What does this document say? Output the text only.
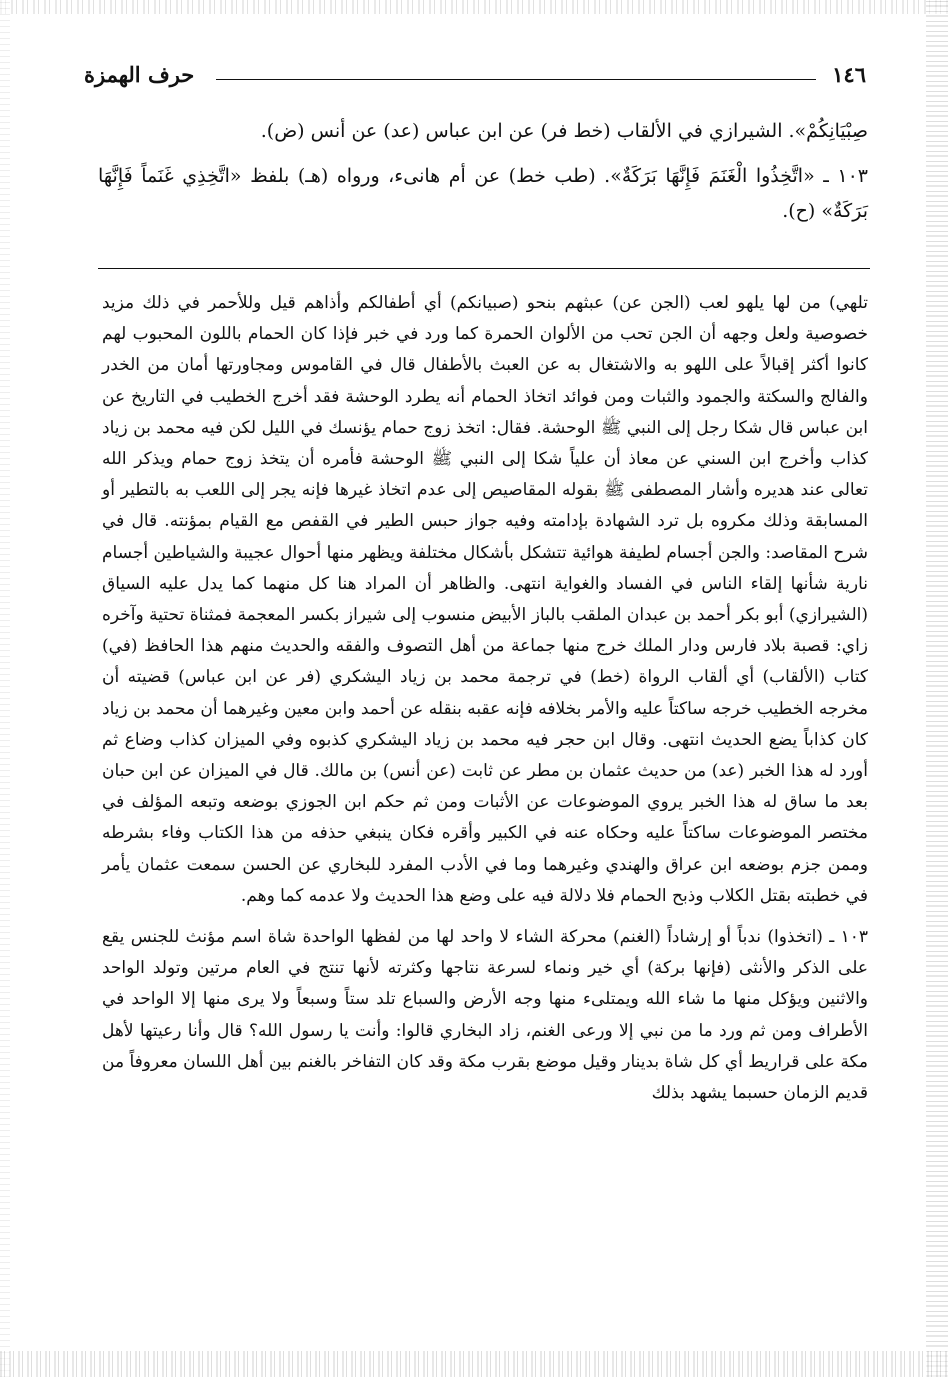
١٤٦
حرف الهمزة

صِبْيَانِكُمْ». الشيرازي في الألقاب (خط فر) عن ابن عباس (عد) عن أنس (ض).

١٠٣ ـ «اتَّخِذُوا الْغَنَمَ فَإِنَّهَا بَرَكَةٌ». (طب خط) عن أم هانىء، ورواه (هـ) بلفظ «اتَّخِذِي غَنَماً فَإِنَّهَا بَرَكَةٌ» (ح).

تلهي) من لها يلهو لعب (الجن عن) عبثهم بنحو (صبيانكم) أي أطفالكم وأذاهم قيل وللأحمر في ذلك مزيد خصوصية ولعل وجهه أن الجن تحب من الألوان الحمرة كما ورد في خبر فإذا كان الحمام باللون المحبوب لهم كانوا أكثر إقبالاً على اللهو به والاشتغال به عن العبث بالأطفال قال في القاموس ومجاورتها أمان من الخدر والفالج والسكتة والجمود والثبات ومن فوائد اتخاذ الحمام أنه يطرد الوحشة فقد أخرج الخطيب في التاريخ عن ابن عباس قال شكا رجل إلى النبي ﷺ الوحشة. فقال: اتخذ زوج حمام يؤنسك في الليل لكن فيه محمد بن زياد كذاب وأخرج ابن السني عن معاذ أن علياً شكا إلى النبي ﷺ الوحشة فأمره أن يتخذ زوج حمام ويذكر الله تعالى عند هديره وأشار المصطفى ﷺ بقوله المقاصيص إلى عدم اتخاذ غيرها فإنه يجر إلى اللعب به بالتطير أو المسابقة وذلك مكروه بل ترد الشهادة بإدامته وفيه جواز حبس الطير في القفص مع القيام بمؤنته. قال في شرح المقاصد: والجن أجسام لطيفة هوائية تتشكل بأشكال مختلفة ويظهر منها أحوال عجيبة والشياطين أجسام نارية شأنها إلقاء الناس في الفساد والغواية انتهى. والظاهر أن المراد هنا كل منهما كما يدل عليه السياق (الشيرازي) أبو بكر أحمد بن عبدان الملقب بالباز الأبيض منسوب إلى شيراز بكسر المعجمة فمثناة تحتية وآخره زاي: قصبة بلاد فارس ودار الملك خرج منها جماعة من أهل التصوف والفقه والحديث منهم هذا الحافظ (في) كتاب (الألقاب) أي ألقاب الرواة (خط) في ترجمة محمد بن زياد اليشكري (فر عن ابن عباس) قضيته أن مخرجه الخطيب خرجه ساكتاً عليه والأمر بخلافه فإنه عقبه بنقله عن أحمد وابن معين وغيرهما أن محمد بن زياد كان كذاباً يضع الحديث انتهى. وقال ابن حجر فيه محمد بن زياد اليشكري كذبوه وفي الميزان كذاب وضاع ثم أورد له هذا الخبر (عد) من حديث عثمان بن مطر عن ثابت (عن أنس) بن مالك. قال في الميزان عن ابن حبان بعد ما ساق له هذا الخبر يروي الموضوعات عن الأثبات ومن ثم حكم ابن الجوزي بوضعه وتبعه المؤلف في مختصر الموضوعات ساكتاً عليه وحكاه عنه في الكبير وأقره فكان ينبغي حذفه من هذا الكتاب وفاء بشرطه وممن جزم بوضعه ابن عراق والهندي وغيرهما وما في الأدب المفرد للبخاري عن الحسن سمعت عثمان يأمر في خطبته بقتل الكلاب وذبح الحمام فلا دلالة فيه على وضع هذا الحديث ولا عدمه كما وهم.

١٠٣ ـ (اتخذوا) ندباً أو إرشاداً (الغنم) محركة الشاء لا واحد لها من لفظها الواحدة شاة اسم مؤنث للجنس يقع على الذكر والأنثى (فإنها بركة) أي خير ونماء لسرعة نتاجها وكثرته لأنها تنتج في العام مرتين وتولد الواحد والاثنين ويؤكل منها ما شاء الله ويمتلىء منها وجه الأرض والسباع تلد ستاً وسبعاً ولا يرى منها إلا الواحد في الأطراف ومن ثم ورد ما من نبي إلا ورعى الغنم، زاد البخاري قالوا: وأنت يا رسول الله؟ قال وأنا رعيتها لأهل مكة على قراريط أي كل شاة بدينار وقيل موضع بقرب مكة وقد كان التفاخر بالغنم بين أهل اللسان معروفاً من قديم الزمان حسبما يشهد بذلك
